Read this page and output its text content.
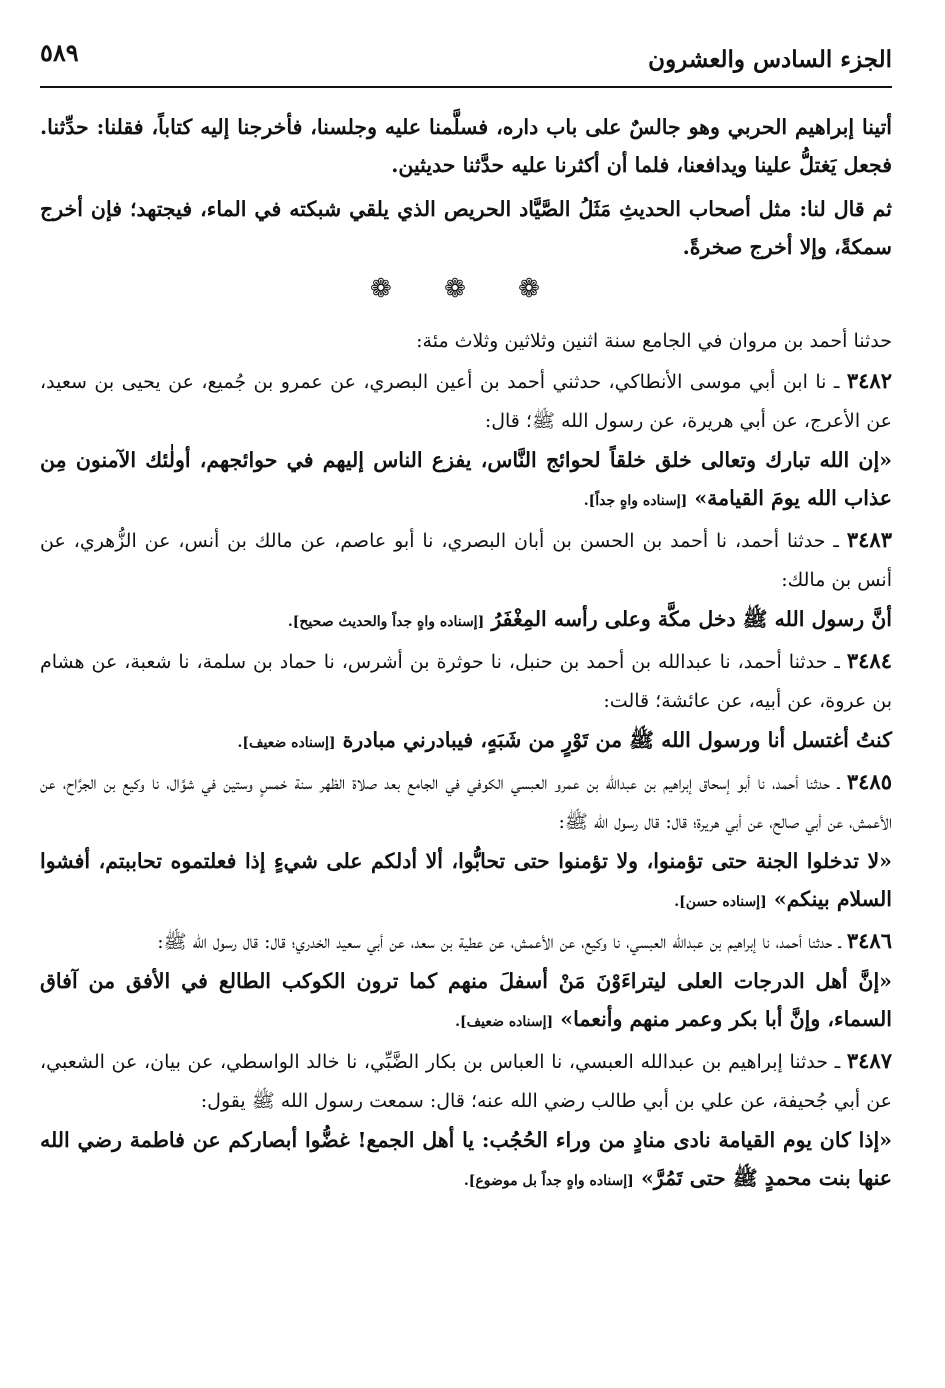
الجزء السادس والعشرون
٥٨٩

أتينا إبراهيم الحربي وهو جالسٌ على باب داره، فسلَّمنا عليه وجلسنا، فأخرجنا إليه كتاباً، فقلنا: حدِّثنا. فجعل يَغتلُّ علينا ويدافعنا، فلما أن أكثرنا عليه حدَّثنا حديثين.

ثم قال لنا: مثل أصحاب الحديثِ مَثَلُ الصَّيَّاد الحريص الذي يلقي شبكته في الماء، فيجتهد؛ فإن أخرج سمكةً، وإلا أخرج صخرةً.

❁ ❁ ❁

حدثنا أحمد بن مروان في الجامع سنة اثنين وثلاثين وثلاث مئة:

٣٤٨٢ ـ نا ابن أبي موسى الأنطاكي، حدثني أحمد بن أعين البصري، عن عمرو بن جُميع، عن يحيى بن سعيد، عن الأعرج، عن أبي هريرة، عن رسول الله ﷺ؛ قال:

«إن الله تبارك وتعالى خلق خلقاً لحوائج النَّاس، يفزع الناس إليهم في حوائجهم، أولٰئك الآمنون مِن عذاب الله يومَ القيامة» [إسناده واهٍ جداً].

٣٤٨٣ ـ حدثنا أحمد، نا أحمد بن الحسن بن أبان البصري، نا أبو عاصم، عن مالك بن أنس، عن الزُّهري، عن أنس بن مالك:

أنَّ رسول الله ﷺ دخل مكَّة وعلى رأسه المِغْفَرُ [إسناده واهٍ جداً والحديث صحيح].

٣٤٨٤ ـ حدثنا أحمد، نا عبدالله بن أحمد بن حنبل، نا حوثرة بن أشرس، نا حماد بن سلمة، نا شعبة، عن هشام بن عروة، عن أبيه، عن عائشة؛ قالت:

كنتُ أغتسل أنا ورسول الله ﷺ من تَوْرٍ من شَبَهٍ، فيبادرني مبادرة [إسناده ضعيف].

٣٤٨٥ ـ حدثنا أحمد، نا أبو إسحاق إبراهيم بن عبدالله بن عمرو العبسي الكوفي في الجامع بعد صلاة الظهر سنة خمسٍ وستين في شوَّال، نا وكيع بن الجرَّاح، عن الأعمش، عن أبي صالح، عن أبي هريرة؛ قال: قال رسول الله ﷺ:

«لا تدخلوا الجنة حتى تؤمنوا، ولا تؤمنوا حتى تحابُّوا، ألا أدلكم على شيءٍ إذا فعلتموه تحاببتم، أفشوا السلام بينكم» [إسناده حسن].

٣٤٨٦ ـ حدثنا أحمد، نا إبراهيم بن عبدالله العبسي، نا وكيع، عن الأعمش، عن عطية بن سعد، عن أبي سعيد الخدري؛ قال: قال رسول الله ﷺ:

«إنَّ أهل الدرجات العلى ليتراءَوْنَ مَنْ أسفلَ منهم كما ترون الكوكب الطالع في الأفق من آفاق السماء، وإنَّ أبا بكر وعمر منهم وأنعما» [إسناده ضعيف].

٣٤٨٧ ـ حدثنا إبراهيم بن عبدالله العبسي، نا العباس بن بكار الضَّبِّي، نا خالد الواسطي، عن بيان، عن الشعبي، عن أبي جُحيفة، عن علي بن أبي طالب رضي الله عنه؛ قال: سمعت رسول الله ﷺ يقول:

«إذا كان يوم القيامة نادى منادٍ من وراء الحُجُب: يا أهل الجمع! غضُّوا أبصاركم عن فاطمة رضي الله عنها بنت محمدٍ ﷺ حتى تَمُرَّ» [إسناده واهٍ جداً بل موضوع].
